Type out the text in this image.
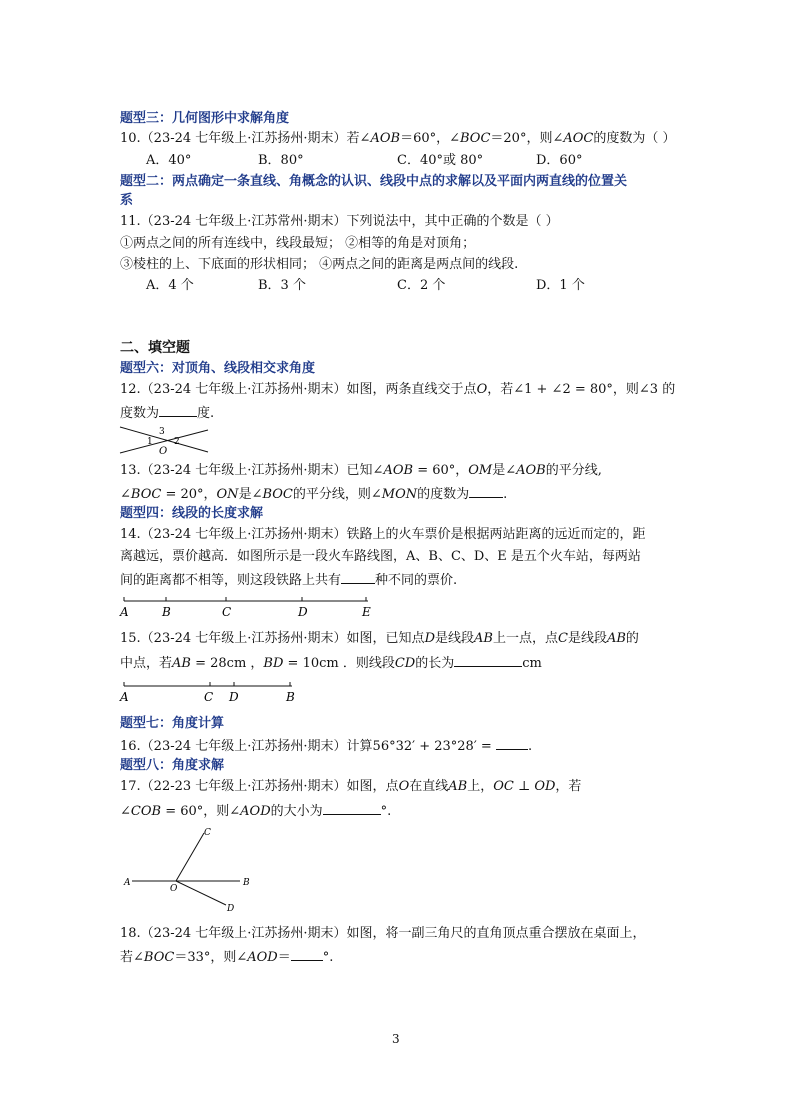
题型三：几何图形中求解角度
10.（23-24 七年级上·江苏扬州·期末）若∠AOB＝60°，∠BOC＝20°，则∠AOC的度数为（ ）
A．40°	B．80°	C．40°或 80°	D．60°
题型二：两点确定一条直线、角概念的认识、线段中点的求解以及平面内两直线的位置关
系
11.（23-24 七年级上·江苏常州·期末）下列说法中，其中正确的个数是（ ）
①两点之间的所有连线中，线段最短； ②相等的角是对顶角；
③棱柱的上、下底面的形状相同； ④两点之间的距离是两点间的线段.
A．4 个	B．3 个	C．2 个	D．1 个
二、填空题
题型六：对顶角、线段相交求角度
12.（23-24 七年级上·江苏扬州·期末）如图，两条直线交于点O，若∠1 + ∠2 = 80°，则∠3 的
度数为	度.
3
1 2
O
13.（23-24 七年级上·江苏扬州·期末）已知∠AOB = 60°，OM是∠AOB的平分线,
∠BOC = 20°，ON是∠BOC的平分线，则∠MON的度数为	.
题型四：线段的长度求解
14.（23-24 七年级上·江苏扬州·期末）铁路上的火车票价是根据两站距离的远近而定的，距
离越远，票价越高．如图所示是一段火车路线图，A、B、C、D、E 是五个火车站，每两站
间的距离都不相等，则这段铁路上共有	种不同的票价.
A	B	C	D	E
15.（23-24 七年级上·江苏扬州·期末）如图，已知点D是线段AB上一点，点C是线段AB的
中点，若AB = 28cm ，BD = 10cm ．则线段CD的长为	cm
A	C D	B
题型七：角度计算
16.（23-24 七年级上·江苏扬州·期末）计算56°32′ + 23°28′ = .
题型八：角度求解
17.（22-23 七年级上·江苏扬州·期末）如图，点O在直线AB上，OC ⊥ OD，若
∠COB = 60°，则∠AOD的大小为	°.
A	B
C
D
O
18.（23-24 七年级上·江苏扬州·期末）如图，将一副三角尺的直角顶点重合摆放在桌面上，
若∠BOC＝33°，则∠AOD＝ °.
3
